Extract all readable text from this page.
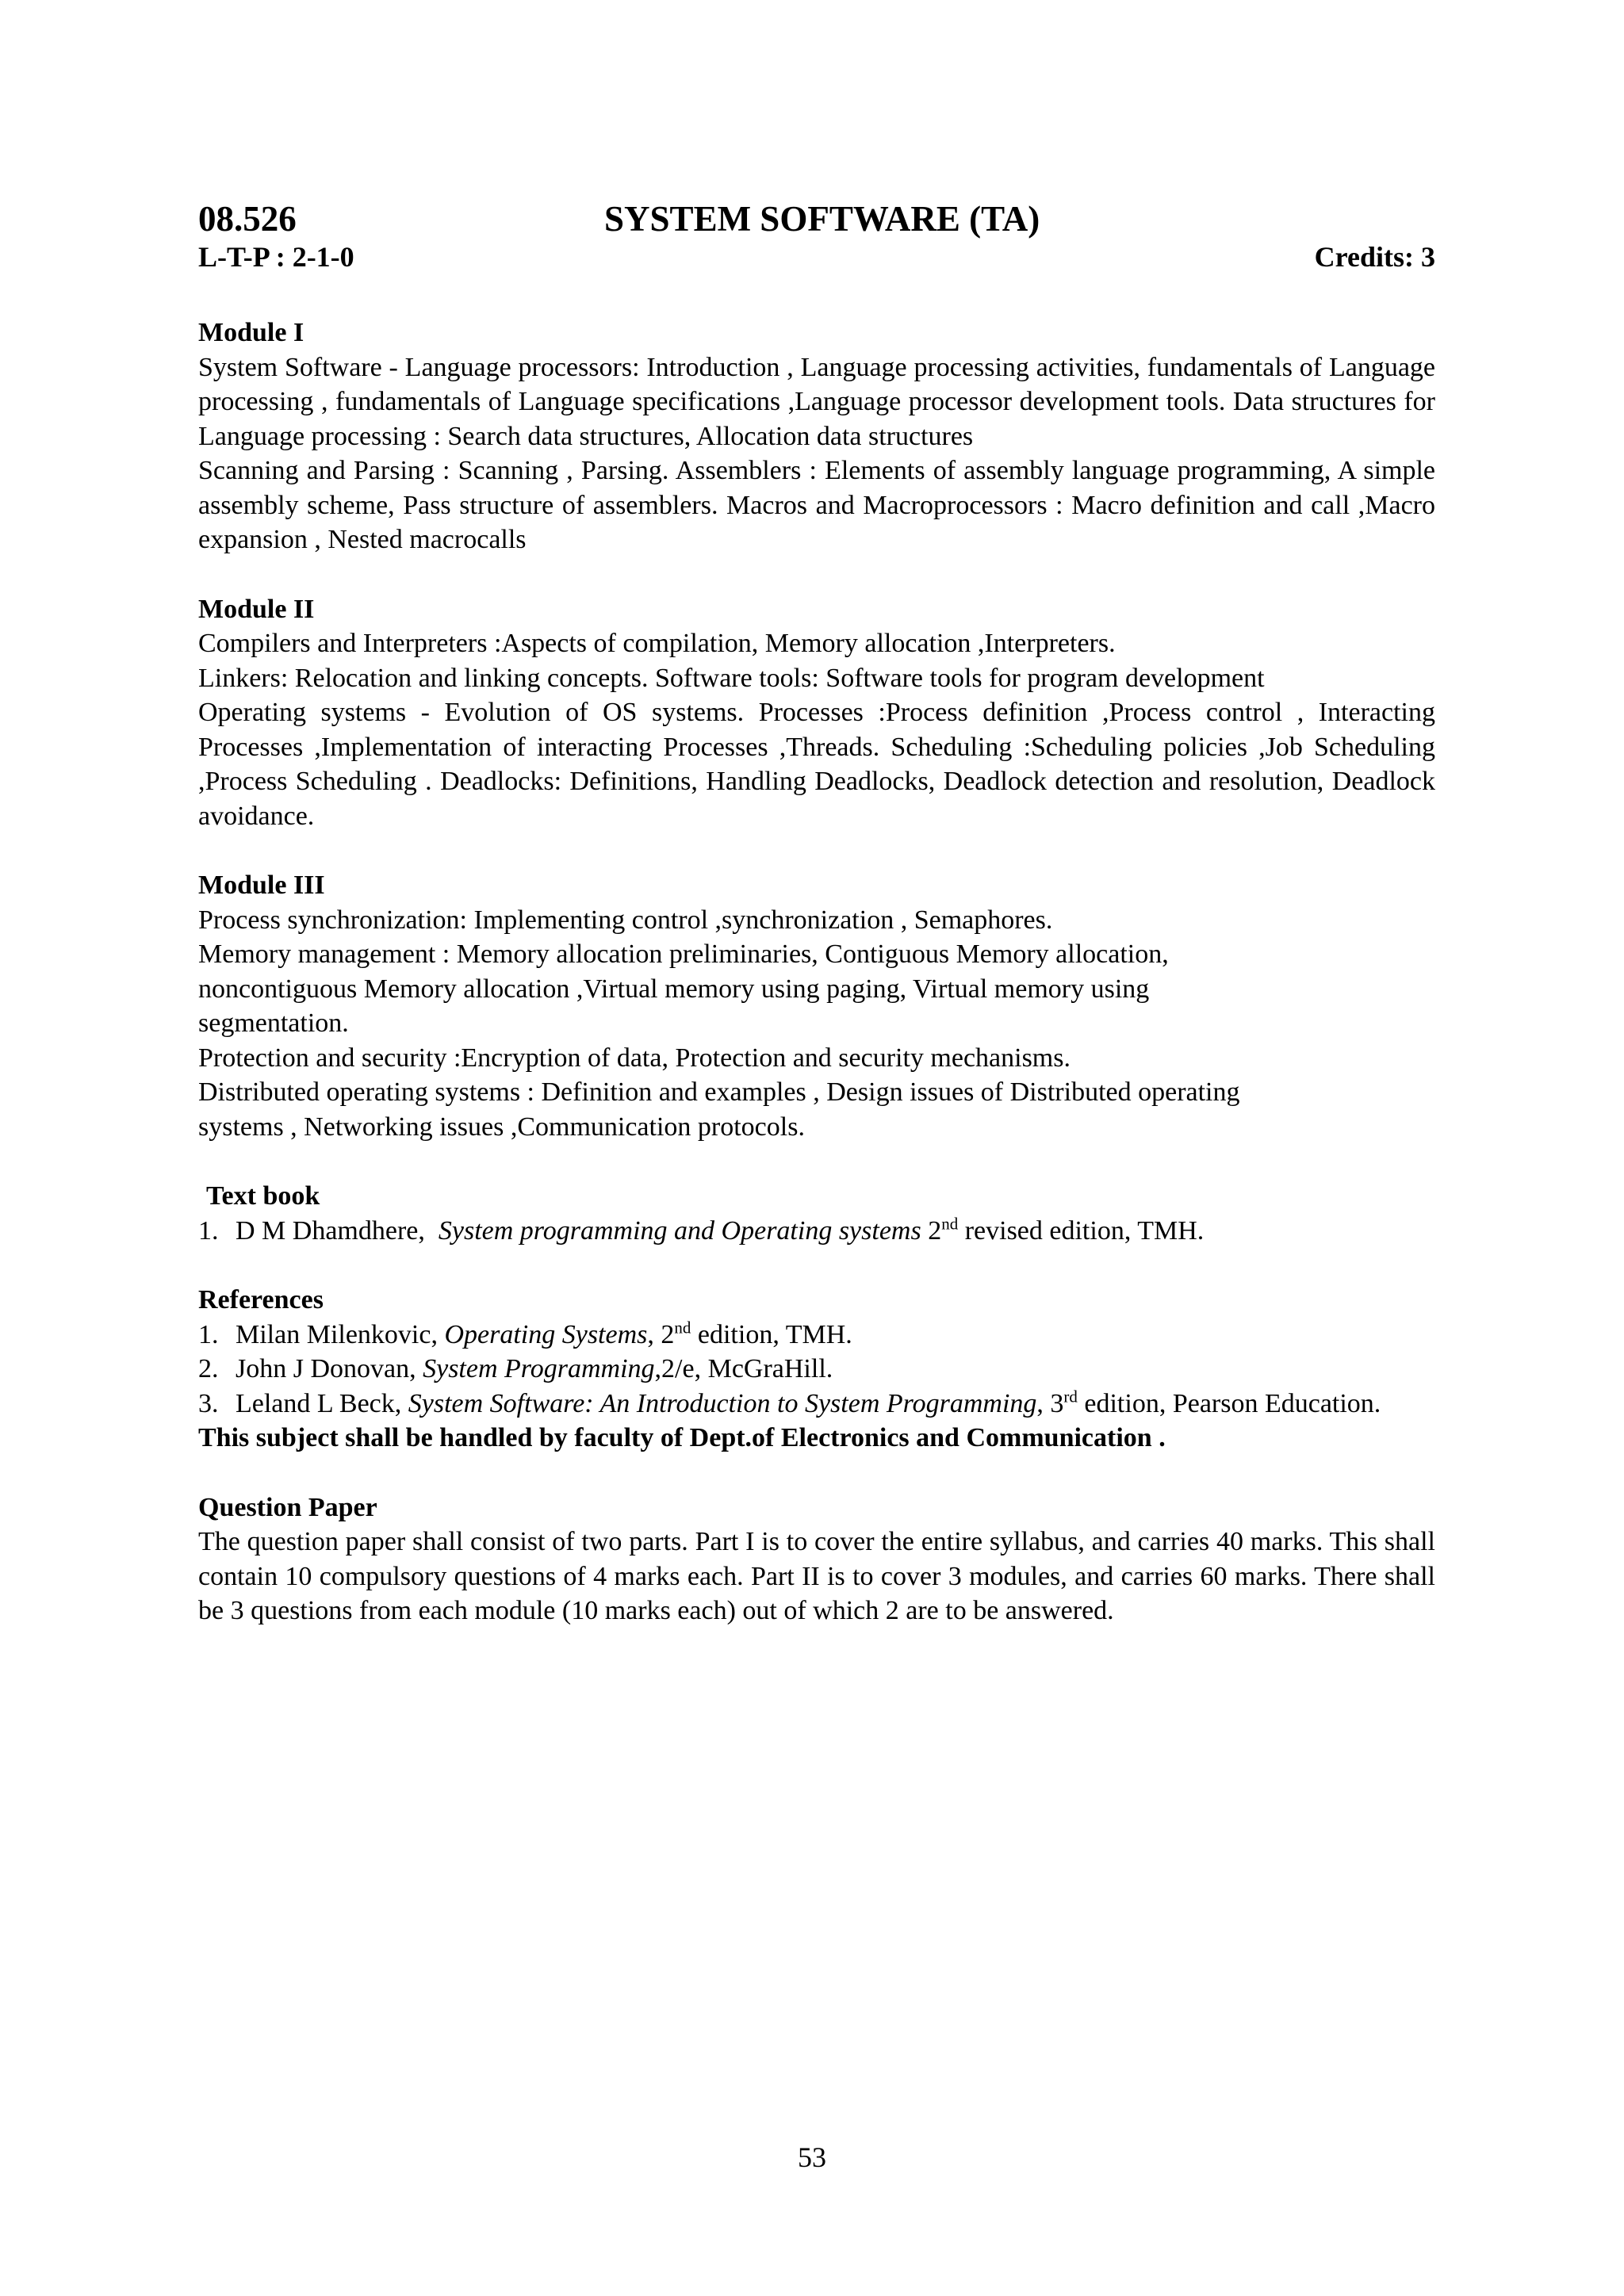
08.526	SYSTEM SOFTWARE (TA)
L-T-P : 2-1-0	Credits: 3
Module I
System Software - Language processors: Introduction , Language processing activities, fundamentals of Language processing , fundamentals of Language specifications ,Language processor development tools. Data structures for Language processing : Search data structures, Allocation data structures
Scanning and Parsing : Scanning , Parsing. Assemblers : Elements of assembly language programming, A simple assembly scheme, Pass structure of assemblers. Macros and Macroprocessors : Macro definition and call ,Macro expansion , Nested macrocalls
Module II
Compilers and Interpreters :Aspects of compilation, Memory allocation ,Interpreters.
Linkers: Relocation and linking concepts. Software tools: Software tools for program development
Operating systems - Evolution of OS systems. Processes :Process definition ,Process control , Interacting Processes ,Implementation of interacting Processes ,Threads. Scheduling :Scheduling policies ,Job Scheduling ,Process Scheduling . Deadlocks: Definitions, Handling Deadlocks, Deadlock detection and resolution, Deadlock avoidance.
Module III
Process synchronization: Implementing control ,synchronization , Semaphores.
Memory management : Memory allocation preliminaries, Contiguous Memory allocation, noncontiguous Memory allocation ,Virtual memory using paging, Virtual memory using segmentation.
Protection and security :Encryption of data, Protection and security mechanisms.
Distributed operating systems : Definition and examples , Design issues of Distributed operating systems , Networking issues ,Communication protocols.
Text book
1. D M Dhamdhere, System programming and Operating systems 2nd revised edition, TMH.
References
1. Milan Milenkovic, Operating Systems, 2nd edition, TMH.
2. John J Donovan, System Programming,2/e, McGraHill.
3. Leland L Beck, System Software: An Introduction to System Programming, 3rd edition, Pearson Education.
This subject shall be handled by faculty of Dept.of Electronics and Communication .
Question Paper
The question paper shall consist of two parts. Part I is to cover the entire syllabus, and carries 40 marks. This shall contain 10 compulsory questions of 4 marks each. Part II is to cover 3 modules, and carries 60 marks. There shall be 3 questions from each module (10 marks each) out of which 2 are to be answered.
53
